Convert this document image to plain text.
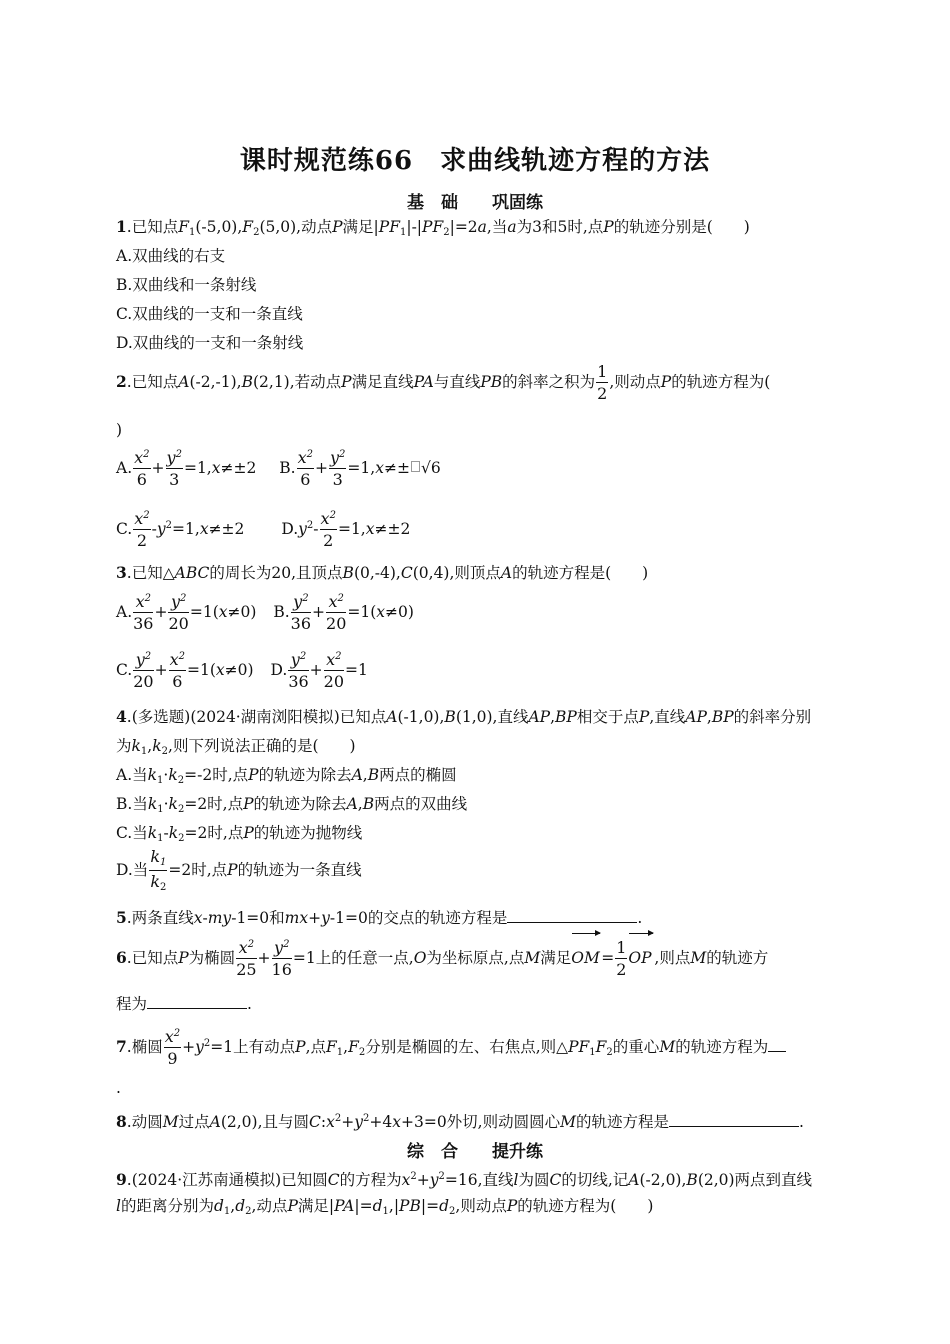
课时规范练66　求曲线轨迹方程的方法
基　础　　巩固练
1.已知点$F_1(-5,0),F_2(5,0)$,动点P满足$|PF_1|-|PF_2|=2a$,当a为3和5时,点P的轨迹分别是(　　)
A.双曲线的右支
B.双曲线和一条射线
C.双曲线的一支和一条直线
D.双曲线的一支和一条射线
2.已知点A(-2,-1),B(2,1),若动点P满足直线PA与直线PB的斜率之积为 $\frac{1}{2}$ ,则动点P的轨迹方程为(
)
A. $\frac{x^2}{6} + \frac{y^2}{3} =1,x\ne\pm 2$ B. $\frac{x^2}{6} + \frac{y^2}{3} =1,x\ne\pm √6$
C. $\frac{x^2}{2} -y^2=1,x\ne\pm 2$ $D.y^2- \frac{x^2}{2} =1,x\ne\pm 2$
3.已知△ABC的周长为20,且顶点B(0,-4),C(0,4),则顶点A的轨迹方程是(　　)
A. $\frac{x^2}{36} + \frac{y^2}{20} =1(x\ne 0)$ B. $\frac{y^2}{36} + \frac{x^2}{20} =1(x\ne 0)$
C. $\frac{y^2}{20} + \frac{x^2}{6} =1(x\ne 0)$ D. $\frac{y^2}{36} + \frac{x^2}{20} =1$
4.(多选题)(2024·湖南浏阳模拟)已知点A(-1,0),B(1,0),直线AP,BP相交于点P,直线AP,BP的斜率分别
为$k_1,k_2$,则下列说法正确的是(　　)
A.当$k_1\cdot k_2=-2$时,点P的轨迹为除去A,B两点的椭圆
B.当$k_1\cdot k_2=2$时,点P的轨迹为除去A,B两点的双曲线
C.当$k_1-k_2=2$时,点P的轨迹为抛物线
D.当 $\frac{k_1}{k_2} =2$时,点P的轨迹为一条直线
5.两条直线x-my-1=0和mx+y-1=0的交点的轨迹方程是	.
6.已知点P为椭圆 $\frac{x^2}{25} + \frac{y^2}{16} =1$上的任意一点,O为坐标原点,点M满足$OM= \frac{1}{2}$ OP ,则点M的轨迹方
程为	.
7.椭圆 $\frac{x^2}{9} +y^2=1$上有动点P,点$F_1,F_2$分别是椭圆的左、右焦点,则$\triangle PF_1F_2$的重心M的轨迹方程为
.
8.动圆M过点A(2,0),且与圆$C:x^2+y^2+4x+3=0$外切,则动圆圆心M的轨迹方程是	.
综　合　　提升练
9.(2024·江苏南通模拟)已知圆C的方程为$x^2+y^2=16$,直线l为圆C的切线,记A(-2,0),B(2,0)两点到直线
l的距离分别为$d_1,d_2$,动点P满足$|PA|=d_1,|PB|=d_2$,则动点P的轨迹方程为(　　)
